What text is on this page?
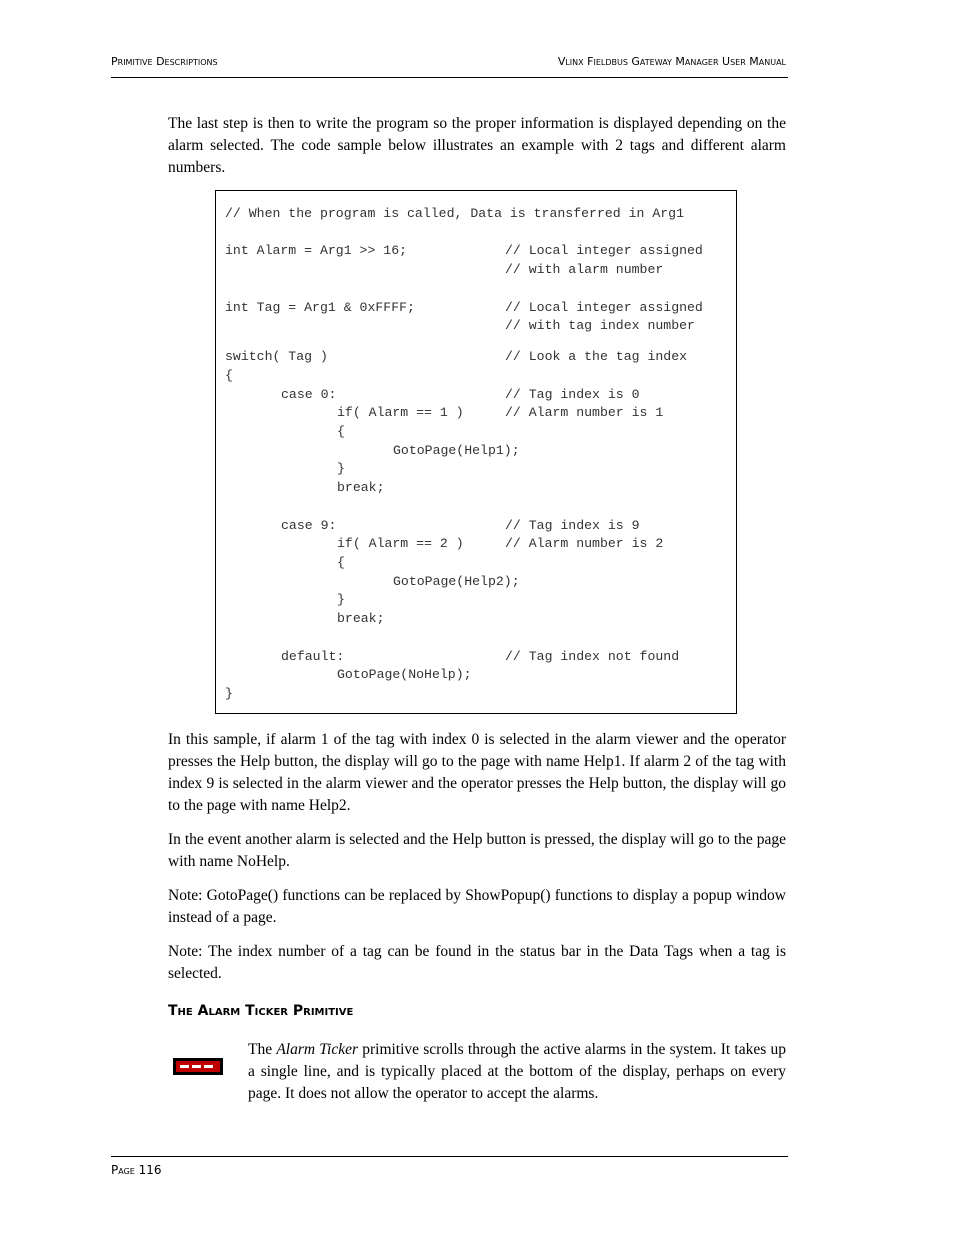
Primitive Descriptions	Vlinx Fieldbus Gateway Manager User Manual

The last step is then to write the program so the proper information is displayed depending on the alarm selected. The code sample below illustrates an example with 2 tags and different alarm numbers.

// When the program is called, Data is transferred in Arg1
int Alarm = Arg1 >> 16;	// Local integer assigned
// with alarm number
int Tag = Arg1 & 0xFFFF;	// Local integer assigned
// with tag index number
switch( Tag )	// Look a the tag index
{
case 0:	// Tag index is 0
if( Alarm == 1 )	// Alarm number is 1
{
GotoPage(Help1);
}
break;
case 9:	// Tag index is 9
if( Alarm == 2 )	// Alarm number is 2
{
GotoPage(Help2);
}
break;
default:	// Tag index not found
GotoPage(NoHelp);
}

In this sample, if alarm 1 of the tag with index 0 is selected in the alarm viewer and the operator presses the Help button, the display will go to the page with name Help1. If alarm 2 of the tag with index 9 is selected in the alarm viewer and the operator presses the Help button, the display will go to the page with name Help2.

In the event another alarm is selected and the Help button is pressed, the display will go to the page with name NoHelp.

Note: GotoPage() functions can be replaced by ShowPopup() functions to display a popup window instead of a page.

Note: The index number of a tag can be found in the status bar in the Data Tags when a tag is selected.

The Alarm Ticker Primitive

The Alarm Ticker primitive scrolls through the active alarms in the system. It takes up a single line, and is typically placed at the bottom of the display, perhaps on every page. It does not allow the operator to accept the alarms.

Page 116
